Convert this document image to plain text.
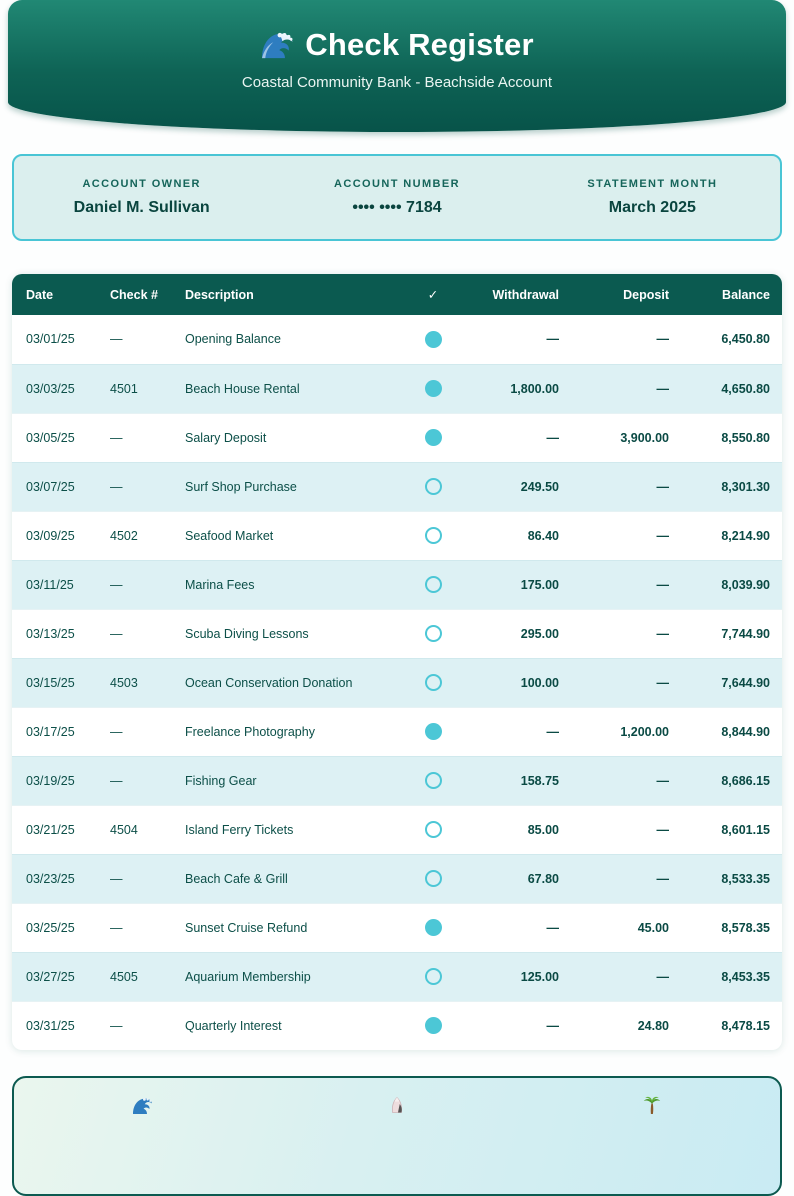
Check Register
Coastal Community Bank - Beachside Account
ACCOUNT OWNER
Daniel M. Sullivan
ACCOUNT NUMBER
•••• •••• 7184
STATEMENT MONTH
March 2025
Date	Check #	Description	✓	Withdrawal	Deposit	Balance
03/01/25	—	Opening Balance		—	—	6,450.80
03/03/25	4501	Beach House Rental		1,800.00	—	4,650.80
03/05/25	—	Salary Deposit		—	3,900.00	8,550.80
03/07/25	—	Surf Shop Purchase		249.50	—	8,301.30
03/09/25	4502	Seafood Market		86.40	—	8,214.90
03/11/25	—	Marina Fees		175.00	—	8,039.90
03/13/25	—	Scuba Diving Lessons		295.00	—	7,744.90
03/15/25	4503	Ocean Conservation Donation		100.00	—	7,644.90
03/17/25	—	Freelance Photography		—	1,200.00	8,844.90
03/19/25	—	Fishing Gear		158.75	—	8,686.15
03/21/25	4504	Island Ferry Tickets		85.00	—	8,601.15
03/23/25	—	Beach Cafe & Grill		67.80	—	8,533.35
03/25/25	—	Sunset Cruise Refund		—	45.00	8,578.35
03/27/25	4505	Aquarium Membership		125.00	—	8,453.35
03/31/25	—	Quarterly Interest		—	24.80	8,478.15
